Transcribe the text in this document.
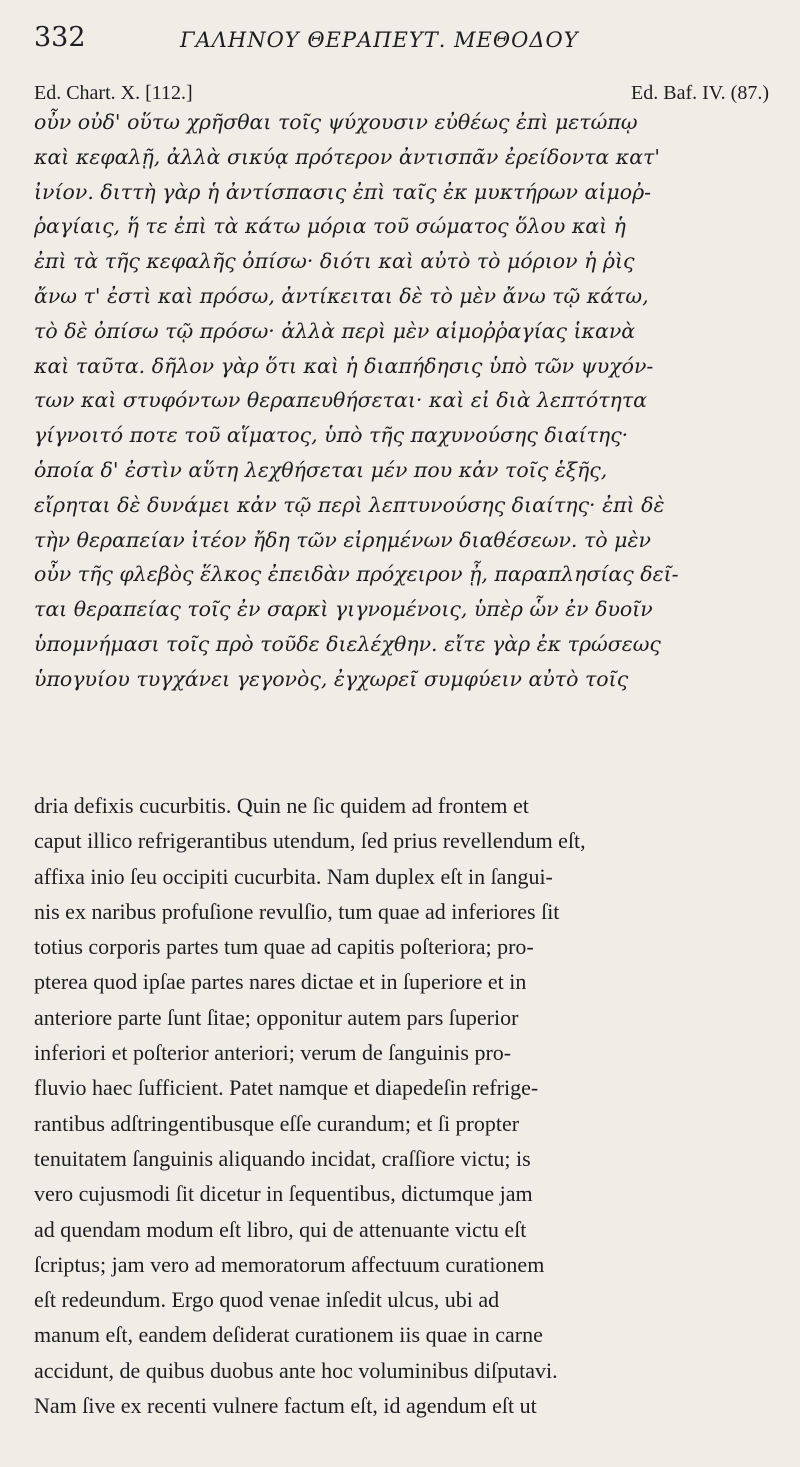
332	ΓΑΛΗΝΟΥ ΘΕΡΑΠΕΥΤ. ΜΕΘΟΔΟΥ
Ed. Chart. X. [112.]	Ed. Baf. IV. (87.)
οὖν οὐδ' οὕτω χρῆσθαι τοῖς ψύχουσιν εὐθέως ἐπὶ μετώπῳ
καὶ κεφαλῇ, ἀλλὰ σικύᾳ πρότερον ἀντισπᾶν ἐρείδοντα κατ'
ἰνίον. διττὴ γὰρ ἡ ἀντίσπασις ἐπὶ ταῖς ἐκ μυκτήρων αἱμοῤ-
ῥαγίαις, ἥ τε ἐπὶ τὰ κάτω μόρια τοῦ σώματος ὅλου καὶ ἡ
ἐπὶ τὰ τῆς κεφαλῆς ὀπίσω· διότι καὶ αὐτὸ τὸ μόριον ἡ ῥὶς
ἄνω τ' ἐστὶ καὶ πρόσω, ἀντίκειται δὲ τὸ μὲν ἄνω τῷ κάτω,
τὸ δὲ ὀπίσω τῷ πρόσω· ἀλλὰ περὶ μὲν αἱμοῤῥαγίας ἱκανὰ
καὶ ταῦτα. δῆλον γὰρ ὅτι καὶ ἡ διαπήδησις ὑπὸ τῶν ψυχόν-
των καὶ στυφόντων θεραπευθήσεται· καὶ εἰ διὰ λεπτότητα
γίγνοιτό ποτε τοῦ αἵματος, ὑπὸ τῆς παχυνούσης διαίτης·
ὁποία δ' ἐστὶν αὕτη λεχθήσεται μέν που κἀν τοῖς ἑξῆς,
εἴρηται δὲ δυνάμει κἀν τῷ περὶ λεπτυνούσης διαίτης· ἐπὶ δὲ
τὴν θεραπείαν ἰτέον ἤδη τῶν εἰρημένων διαθέσεων. τὸ μὲν
οὖν τῆς φλεβὸς ἕλκος ἐπειδὰν πρόχειρον ᾖ, παραπλησίας δεῖ-
ται θεραπείας τοῖς ἐν σαρκὶ γιγνομένοις, ὑπὲρ ὧν ἐν δυοῖν
ὑπομνήμασι τοῖς πρὸ τοῦδε διελέχθην. εἴτε γὰρ ἐκ τρώσεως
ὑπογυίου τυγχάνει γεγονὸς, ἐγχωρεῖ συμφύειν αὐτὸ τοῖς
dria defixis cucurbitis. Quin ne ſic quidem ad frontem et
caput illico refrigerantibus utendum, ſed prius revellendum eſt,
affixa inio ſeu occipiti cucurbita. Nam duplex eſt in ſangui-
nis ex naribus profuſione revulſio, tum quae ad inferiores ſit
totius corporis partes tum quae ad capitis poſteriora; pro-
pterea quod ipſae partes nares dictae et in ſuperiore et in
anteriore parte ſunt ſitae; opponitur autem pars ſuperior
inferiori et poſterior anteriori; verum de ſanguinis pro-
fluvio haec ſufficient. Patet namque et diapedeſin refrige-
rantibus adſtringentibusque eſſe curandum; et ſi propter
tenuitatem ſanguinis aliquando incidat, craſſiore victu; is
vero cujusmodi ſit dicetur in ſequentibus, dictumque jam
ad quendam modum eſt libro, qui de attenuante victu eſt
ſcriptus; jam vero ad memoratorum affectuum curationem
eſt redeundum. Ergo quod venae inſedit ulcus, ubi ad
manum eſt, eandem deſiderat curationem iis quae in carne
accidunt, de quibus duobus ante hoc voluminibus diſputavi.
Nam ſive ex recenti vulnere factum eſt, id agendum eſt ut
